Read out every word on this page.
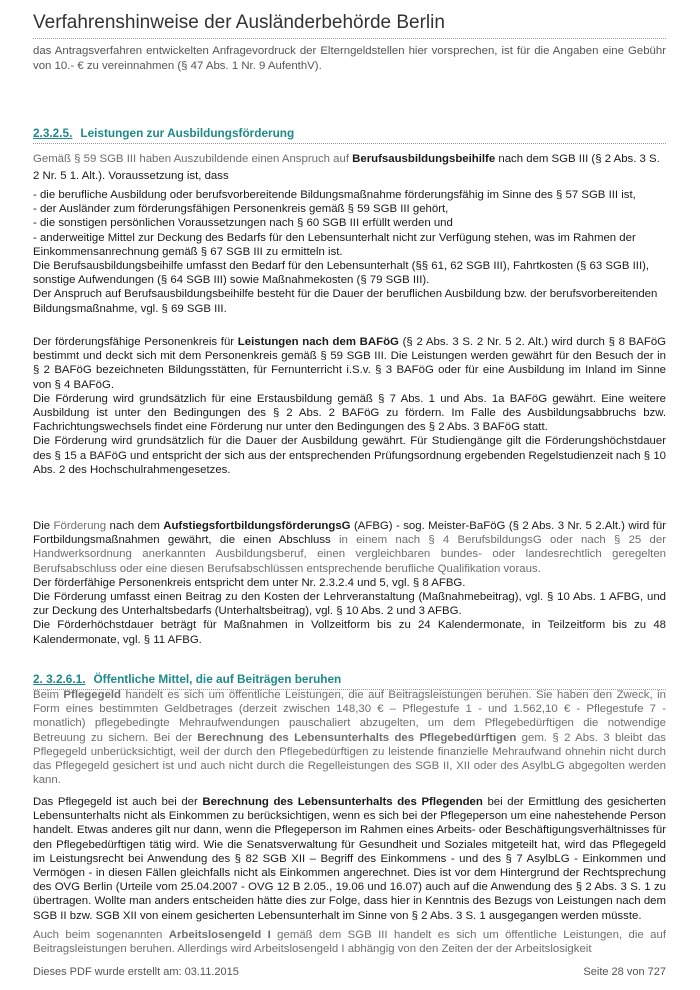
Verfahrenshinweise der Ausländerbehörde Berlin

das Antragsverfahren entwickelten Anfragevordruck der Elterngeldstellen hier vorsprechen, ist für die Angaben eine Gebühr von 10.- € zu vereinnahmen (§ 47 Abs. 1 Nr. 9 AufenthV).

2.3.2.5. Leistungen zur Ausbildungsförderung

Gemäß § 59 SGB III haben Auszubildende einen Anspruch auf Berufsausbildungsbeihilfe nach dem SGB III (§ 2 Abs. 3 S. 2 Nr. 5 1. Alt.). Voraussetzung ist, dass

- die berufliche Ausbildung oder berufsvorbereitende Bildungsmaßnahme förderungsfähig im Sinne des § 57 SGB III ist,

- der Ausländer zum förderungsfähigen Personenkreis gemäß § 59 SGB III gehört,

- die sonstigen persönlichen Voraussetzungen nach § 60 SGB III erfüllt werden und

- anderweitige Mittel zur Deckung des Bedarfs für den Lebensunterhalt nicht zur Verfügung stehen, was im Rahmen der Einkommensanrechnung gemäß § 67 SGB III zu ermitteln ist.

Die Berufsausbildungsbeihilfe umfasst den Bedarf für den Lebensunterhalt (§§ 61, 62 SGB III), Fahrtkosten (§ 63 SGB III), sonstige Aufwendungen (§ 64 SGB III) sowie Maßnahmekosten (§ 79 SGB III).

Der Anspruch auf Berufsausbildungsbeihilfe besteht für die Dauer der beruflichen Ausbildung bzw. der berufsvorbereitenden Bildungsmaßnahme, vgl. § 69 SGB III.

Der förderungsfähige Personenkreis für Leistungen nach dem BAFöG (§ 2 Abs. 3 S. 2 Nr. 5 2. Alt.) wird durch § 8 BAFöG bestimmt und deckt sich mit dem Personenkreis gemäß § 59 SGB III. Die Leistungen werden gewährt für den Besuch der in § 2 BAFöG bezeichneten Bildungsstätten, für Fernunterricht i.S.v. § 3 BAFöG oder für eine Ausbildung im Inland im Sinne von § 4 BAFöG.

Die Förderung wird grundsätzlich für eine Erstausbildung gemäß § 7 Abs. 1 und Abs. 1a BAFöG gewährt. Eine weitere Ausbildung ist unter den Bedingungen des § 2 Abs. 2 BAFöG zu fördern. Im Falle des Ausbildungsabbruchs bzw. Fachrichtungswechsels findet eine Förderung nur unter den Bedingungen des § 2 Abs. 3 BAFöG statt.

Die Förderung wird grundsätzlich für die Dauer der Ausbildung gewährt. Für Studiengänge gilt die Förderungshöchstdauer des § 15 a BAFöG und entspricht der sich aus der entsprechenden Prüfungsordnung ergebenden Regelstudienzeit nach § 10 Abs. 2 des Hochschulrahmengesetzes.

Die Förderung nach dem AufstiegsfortbildungsförderungsG (AFBG) - sog. Meister-BaFöG (§ 2 Abs. 3 Nr. 5 2.Alt.) wird für Fortbildungsmaßnahmen gewährt, die einen Abschluss in einem nach § 4 BerufsbildungsG oder nach § 25 der Handwerksordnung anerkannten Ausbildungsberuf, einen vergleichbaren bundes- oder landesrechtlich geregelten Berufsabschluss oder eine diesen Berufsabschlüssen entsprechende berufliche Qualifikation voraus.

Der förderfähige Personenkreis entspricht dem unter Nr. 2.3.2.4 und 5, vgl. § 8 AFBG.

Die Förderung umfasst einen Beitrag zu den Kosten der Lehrveranstaltung (Maßnahmebeitrag), vgl. § 10 Abs. 1 AFBG, und zur Deckung des Unterhaltsbedarfs (Unterhaltsbeitrag), vgl. § 10 Abs. 2 und 3 AFBG.

Die Förderhöchstdauer beträgt für Maßnahmen in Vollzeitform bis zu 24 Kalendermonate, in Teilzeitform bis zu 48 Kalendermonate, vgl. § 11 AFBG.

2. 3.2.6.1. Öffentliche Mittel, die auf Beiträgen beruhen

Beim Pflegegeld handelt es sich um öffentliche Leistungen, die auf Beitragsleistungen beruhen. Sie haben den Zweck, in Form eines bestimmten Geldbetrages (derzeit zwischen 148,30 € – Pflegestufe 1 - und 1.562,10 € - Pflegestufe 7 - monatlich) pflegebedingte Mehraufwendungen pauschaliert abzugelten, um dem Pflegebedürftigen die notwendige Betreuung zu sichern. Bei der Berechnung des Lebensunterhalts des Pflegebedürftigen gem. § 2 Abs. 3 bleibt das Pflegegeld unberücksichtigt, weil der durch den Pflegebedürftigen zu leistende finanzielle Mehraufwand ohnehin nicht durch das Pflegegeld gesichert ist und auch nicht durch die Regelleistungen des SGB II, XII oder des AsylbLG abgegolten werden kann.

Das Pflegegeld ist auch bei der Berechnung des Lebensunterhalts des Pflegenden bei der Ermittlung des gesicherten Lebensunterhalts nicht als Einkommen zu berücksichtigen, wenn es sich bei der Pflegeperson um eine nahestehende Person handelt. Etwas anderes gilt nur dann, wenn die Pflegeperson im Rahmen eines Arbeits- oder Beschäftigungsverhältnisses für den Pflegebedürftigen tätig wird. Wie die Senatsverwaltung für Gesundheit und Soziales mitgeteilt hat, wird das Pflegegeld im Leistungsrecht bei Anwendung des § 82 SGB XII – Begriff des Einkommens - und des § 7 AsylbLG - Einkommen und Vermögen - in diesen Fällen gleichfalls nicht als Einkommen angerechnet. Dies ist vor dem Hintergrund der Rechtsprechung des OVG Berlin (Urteile vom 25.04.2007 - OVG 12 B 2.05., 19.06 und 16.07) auch auf die Anwendung des § 2 Abs. 3 S. 1 zu übertragen. Wollte man anders entscheiden hätte dies zur Folge, dass hier in Kenntnis des Bezugs von Leistungen nach dem SGB II bzw. SGB XII von einem gesicherten Lebensunterhalt im Sinne von § 2 Abs. 3 S. 1 ausgegangen werden müsste.

Auch beim sogenannten Arbeitslosengeld I gemäß dem SGB III handelt es sich um öffentliche Leistungen, die auf Beitragsleistungen beruhen. Allerdings wird Arbeitslosengeld I abhängig von den Zeiten der der Arbeitslosigkeit

Dieses PDF wurde erstellt am: 03.11.2015	Seite 28 von 727
